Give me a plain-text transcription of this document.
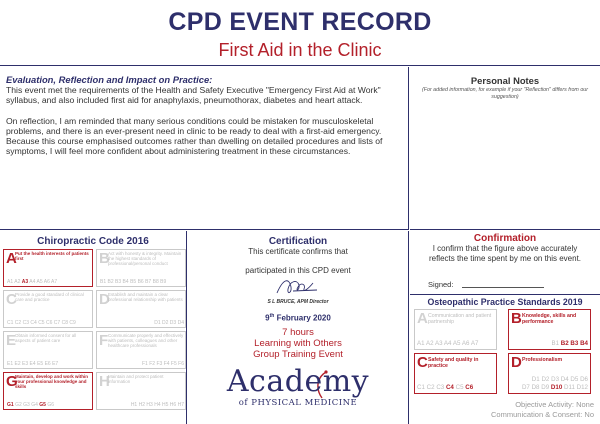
CPD EVENT RECORD
First Aid in the Clinic
Evaluation, Reflection and Impact on Practice:
This event met the requirements of the Health and Safety Executive "Emergency First Aid at Work" syllabus, and also included first aid for anaphylaxis, pneumothorax, diabetes and heart attack.
On reflection, I am reminded that many serious conditions could be mistaken for musculoskeletal problems, and there is an ever-present need in clinic to be ready to deal with a first-aid emergency. Because this course emphasised outcomes rather than dwelling on detailed procedures and lists of symptoms, I will feel more confident about administering treatment in these circumstances.
Personal Notes
(For added information, for example if your "Reflection" differs from our suggestion)
Chiropractic Code 2016
A
Put the health interests of patients first
A1 A2 A3 A4 A5 A6 A7
B
Act with honesty & integrity. Maintain the highest standards of professional/personal conduct
B1 B2 B3 B4 B5 B6 B7 B8 B9
C
Provide a good standard of clinical care and practice
C1 C2 C3 C4 C5 C6 C7 C8 C9
D
Establish and maintain a clear professional relationship with patients
D1 D2 D3 D4
E
Obtain informed consent for all aspects of patient care
E1 E2 E3 E4 E5 E6 E7
F Communicate properly and effectively with patients, colleagues and other healthcare professionals
F1 F2 F3 F4 F5 F6
G
Maintain, develop and work within your professional knowledge and skills
G1 G2 G3 G4 G5 G6
H
Maintain and protect patient information
H1 H2 H3 H4 H5 H6 H7
Certification
This certificate confirms that
participated in this CPD event
S L BRUCE, APM Director
9th February 2020
7 hours
Learning with Others
Group Training Event
Academy
of PHYSICAL MEDICINE
Confirmation
I confirm that the figure above accurately reflects the time spent by me on this event.
Signed:
Osteopathic Practice Standards 2019
A Communication and patient partnership
A1 A2 A3 A4 A5 A6 A7
B Knowledge, skills and performance
B1 B2 B3 B4
C Safety and quality in practice
C1 C2 C3 C4 C5 C6
D Professionalism
D1 D2 D3 D4 D5 D6
D7 D8 D9 D10 D11 D12
Objective Activity: None
Communication & Consent: No
